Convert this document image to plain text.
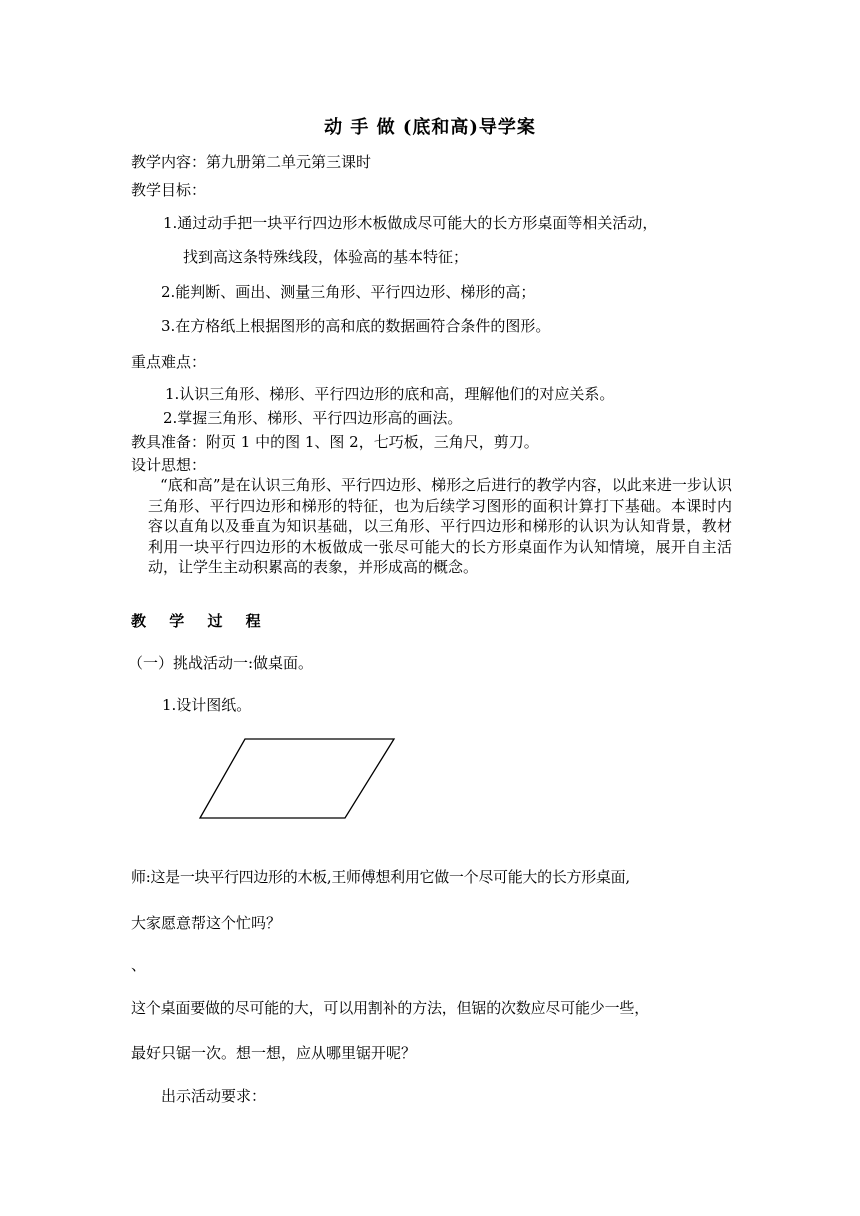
动 手 做 (底和高)导学案
教学内容：第九册第二单元第三课时
教学目标：
1.通过动手把一块平行四边形木板做成尽可能大的长方形桌面等相关活动，
找到高这条特殊线段，体验高的基本特征；
2.能判断、画出、测量三角形、平行四边形、梯形的高；
3.在方格纸上根据图形的高和底的数据画符合条件的图形。
重点难点：
1.认识三角形、梯形、平行四边形的底和高，理解他们的对应关系。
2.掌握三角形、梯形、平行四边形高的画法。
教具准备：附页 1 中的图 1、图 2，七巧板，三角尺，剪刀。
设计思想：
“底和高”是在认识三角形、平行四边形、梯形之后进行的教学内容，以此来进一步认识三角形、平行四边形和梯形的特征，也为后续学习图形的面积计算打下基础。本课时内容以直角以及垂直为知识基础，以三角形、平行四边形和梯形的认识为认知背景，教材利用一块平行四边形的木板做成一张尽可能大的长方形桌面作为认知情境，展开自主活动，让学生主动积累高的表象，并形成高的概念。
教 学 过 程
（一）挑战活动一:做桌面。
1.设计图纸。
师:这是一块平行四边形的木板,王师傅想利用它做一个尽可能大的长方形桌面,
大家愿意帮这个忙吗？
、
这个桌面要做的尽可能的大，可以用割补的方法，但锯的次数应尽可能少一些，
最好只锯一次。想一想，应从哪里锯开呢？
出示活动要求：
